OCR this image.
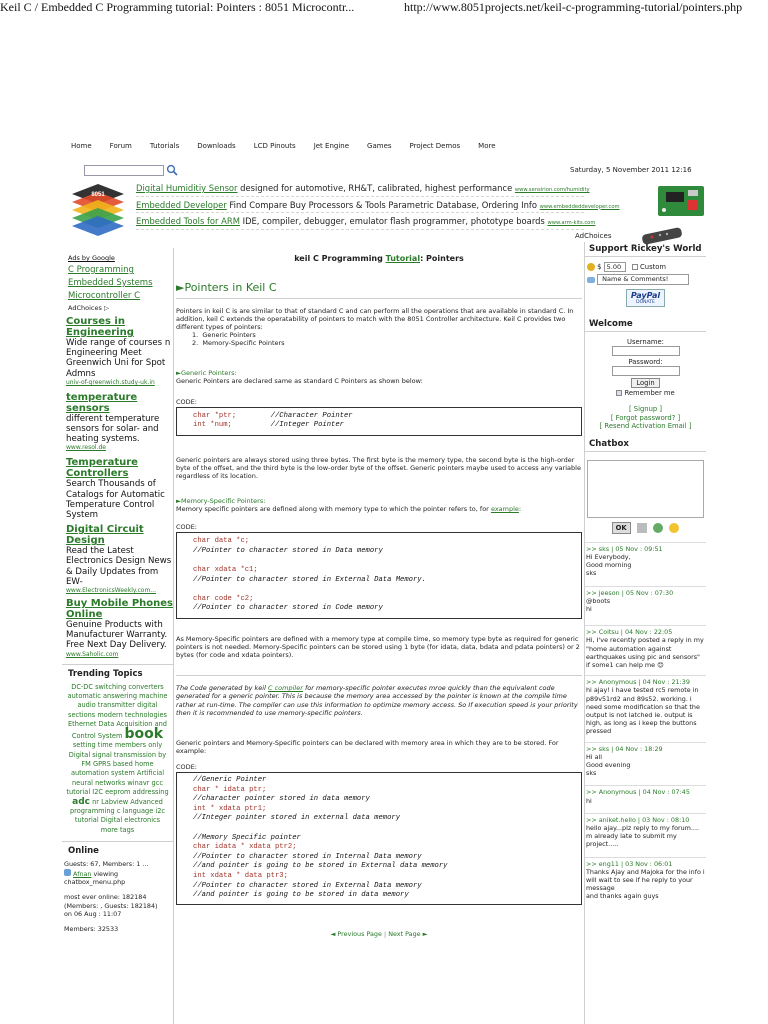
Keil C / Embedded C Programming tutorial: Pointers : 8051 Microcontr...	http://www.8051projects.net/keil-c-programming-tutorial/pointers.php
Home	Forum	Tutorials	Downloads	LCD Pinouts	Jet Engine	Games	Project Demos	More
Saturday, 5 November 2011 12:16
8051
Digital Humiditiy Sensor designed for automotive, RH&T, calibrated, highest performance www.sensirion.com/humidity
Embedded Developer Find Compare Buy Processors & Tools Parametric Database, Ordering Info www.embeddeddeveloper.com
Embedded Tools for ARM IDE, compiler, debugger, emulator flash programmer, phototype boards www.arm-kits.com
AdChoices
Ads by Google
C Programming
Embedded Systems
Microcontroller C
AdChoices ▷
Courses in Engineering
Wide range of courses n Engineering Meet Greenwich Uni for Spot Admns
univ-of-greenwich.study-uk.in
temperature sensors
different temperature sensors for solar- and heating systems.
www.resol.de
Temperature Controllers
Search Thousands of Catalogs for Automatic Temperature Control System
Digital Circuit Design
Read the Latest Electronics Design News & Daily Updates from EW-
www.ElectronicsWeekly.com...
Buy Mobile Phones Online
Genuine Products with Manufacturer Warranty. Free Next Day Delivery.
www.Saholic.com
Trending Topics
DC-DC switching converters
automatic answering machine
audio transmitter digital
sections modern technologies
Ethernet Data Acquisition and
Control System book
setting time members only
Digital signal transmission by
FM GPRS based home
automation system Artificial
neural networks winavr gcc
tutorial I2C eeprom addressing
adc nr Labview Advanced
programming c language i2c
tutorial Digital electronics
more tags
Online
Guests: 67, Members: 1 ...
Afnan viewing
chatbox_menu.php
most ever online: 182184
(Members: , Guests: 182184)
on 06 Aug : 11:07
Members: 32533
keil C Programming Tutorial: Pointers
►Pointers in Keil C
Pointers in keil C is are similar to that of standard C and can perform all the operations that are available in standard C. In addition, keil C extends the operatability of pointers to match with the 8051 Controller architecture. Keil C provides two different types of pointers:
1.  Generic Pointers
2.  Memory-Specific Pointers
►Generic Pointers:
Generic Pointers are declared same as standard C Pointers as shown below:
CODE:
char *ptr;	//Character Pointer
int *num;	//Integer Pointer
Generic pointers are always stored using three bytes. The first byte is the memory type, the second byte is the high-order byte of the offset, and the third byte is the low-order byte of the offset. Generic pointers maybe used to access any variable regardless of its location.
►Memory-Specific Pointers:
Memory specific pointers are defined along with memory type to which the pointer refers to, for example:
CODE:
char data *c;
//Pointer to character stored in Data memory

char xdata *c1;
//Pointer to character stored in External Data Memory.

char code *c2;
//Pointer to character stored in Code memory
As Memory-Specific pointers are defined with a memory type at compile time, so memory type byte as required for generic pointers is not needed. Memory-Specific pointers can be stored using 1 byte (for idata, data, bdata and pdata pointers) or 2 bytes (for code and xdata pointers).
The Code generated by keil C compiler for memory-specific pointer executes mroe quickly than the equivalent code generated for a generic pointer. This is because the memory area accessed by the pointer is known at the compile time rather at run-time. The compiler can use this information to optimize memory access. So If execution speed is your priority then it is recommended to use memory-specific pointers.
Generic pointers and Memory-Specific pointers can be declared with memory area in which they are to be stored. For example:
CODE:
//Generic Pointer
char * idata ptr;
//character pointer stored in data memory
int * xdata ptr1;
//Integer pointer stored in external data memory

//Memory Specific pointer
char idata * xdata ptr2;
//Pointer to character stored in Internal Data memory
//and pointer is going to be stored in External data memory
int xdata * data ptr3;
//Pointer to character stored in External Data memory
//and pointer is going to be stored in data memory
◄ Previous Page | Next Page ►
Support Rickey's World
$ 5.00	Custom
Name & Comments!
PayPal
DONATE
Welcome
Username:
Password:
Login
Remember me
[ Signup ]
[ Forgot password? ]
[ Resend Activation Email ]
Chatbox
OK
>> sks | 05 Nov : 09:51
Hi Everybody,
Good morning
sks
>> jeeson | 05 Nov : 07:30
@boots
hi
>> Coitsu | 04 Nov : 22:05
Hi, I've recently posted a reply in my "home automation against earthquakes using pic and sensors" if some1 can help me 😊
>> Anonymous | 04 Nov : 21:39
hi ajay! i have tested rc5 remote in p89v51rd2 and 89s52. working. i need some modification so that the output is not latched ie. output is high, as long as i keep the buttons pressed
>> sks | 04 Nov : 18:29
Hi all
Good evening
sks
>> Anonymous | 04 Nov : 07:45
hi
>> aniket.hello | 03 Nov : 08:10
hello ajay...plz reply to my forum.... m already late to submit my project.....
>> eng11 | 03 Nov : 06:01
Thanks Ajay and Majoka for the info i will wait to see if he reply to your message
and thanks again guys
